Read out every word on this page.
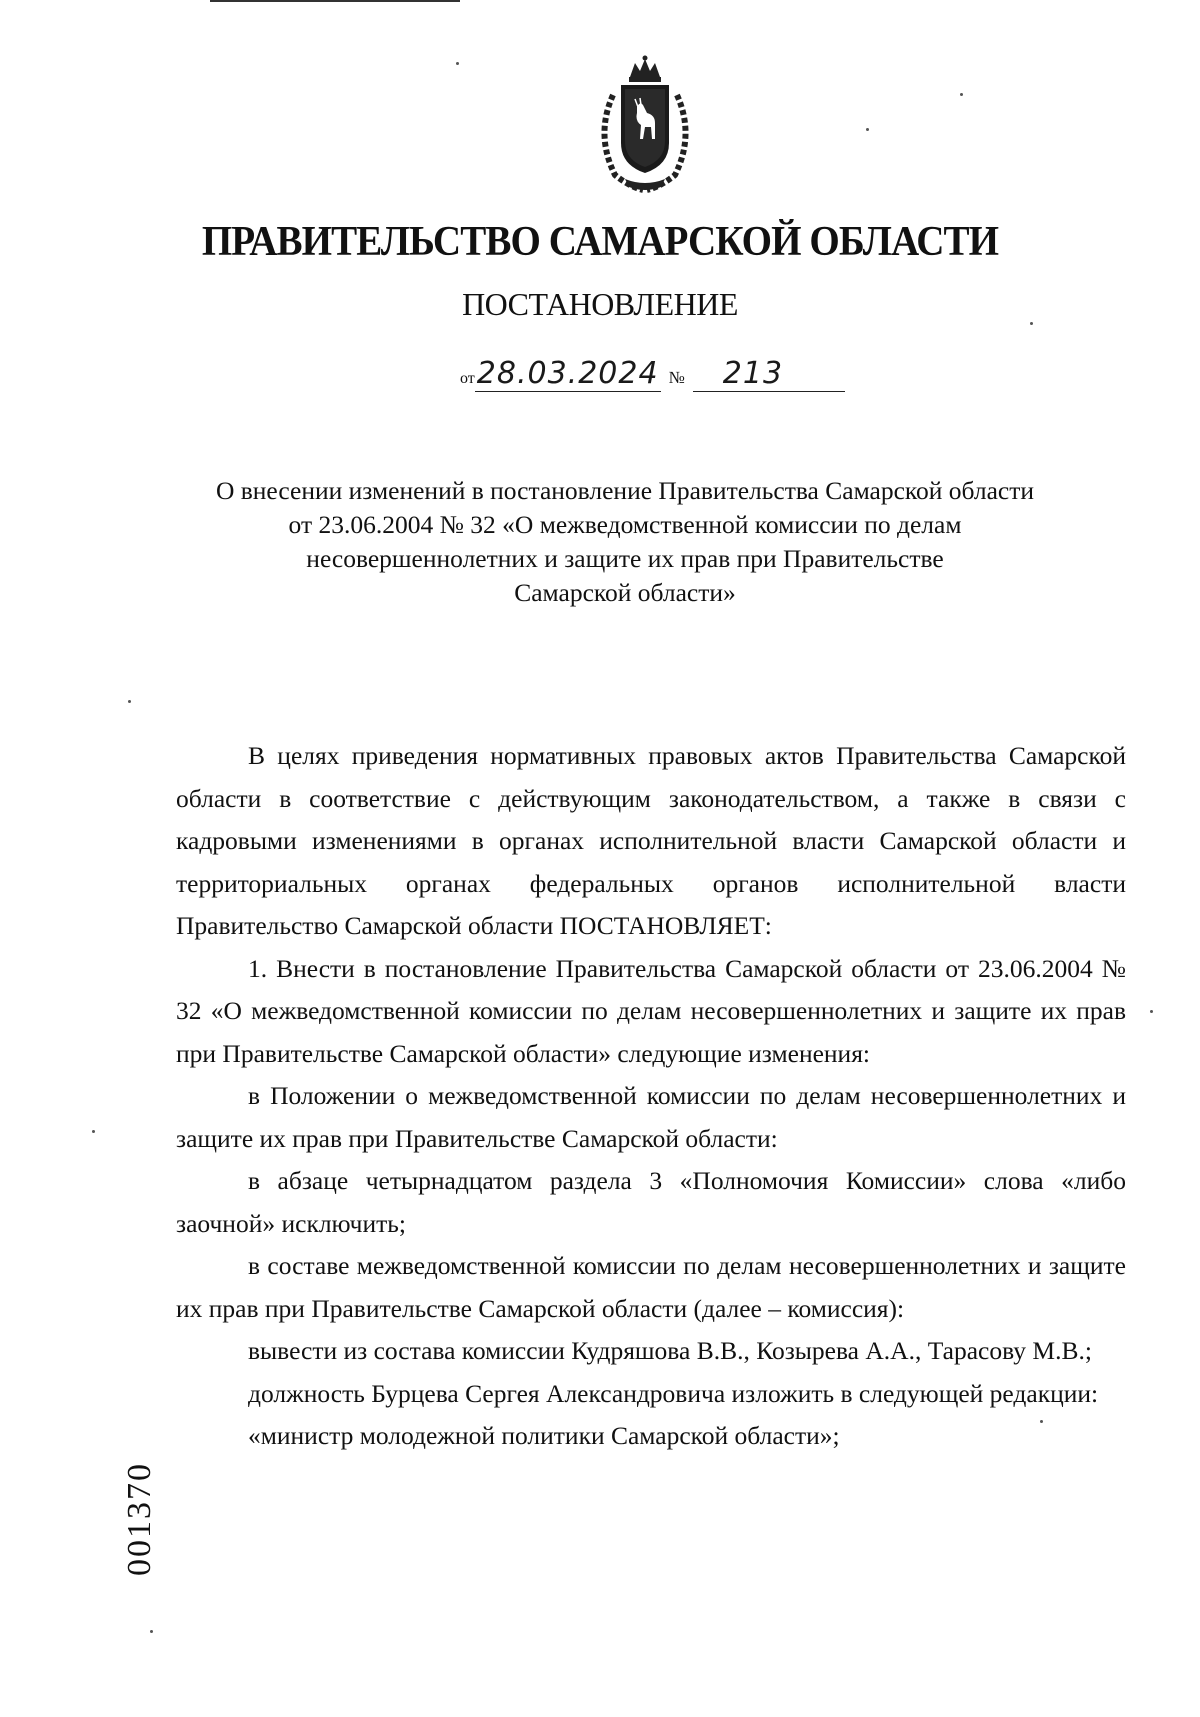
ПРАВИТЕЛЬСТВО САМАРСКОЙ ОБЛАСТИ
ПОСТАНОВЛЕНИЕ
от28.03.2024 № 213
О внесении изменений в постановление Правительства Самарской области
от 23.06.2004 № 32 «О межведомственной комиссии по делам
несовершеннолетних и защите их прав при Правительстве
Самарской области»

В целях приведения нормативных правовых актов Правительства Самарской области в соответствие с действующим законодательством, а также в связи с кадровыми изменениями в органах исполнительной власти Самарской области и территориальных органах федеральных органов исполнительной власти Правительство Самарской области ПОСТАНОВЛЯЕТ:

1. Внести в постановление Правительства Самарской области от 23.06.2004 № 32 «О межведомственной комиссии по делам несовершеннолетних и защите их прав при Правительстве Самарской области» следующие изменения:

в Положении о межведомственной комиссии по делам несовершеннолетних и защите их прав при Правительстве Самарской области:

в абзаце четырнадцатом раздела 3 «Полномочия Комиссии» слова «либо заочной» исключить;

в составе межведомственной комиссии по делам несовершеннолетних и защите их прав при Правительстве Самарской области (далее – комиссия):

вывести из состава комиссии Кудряшова В.В., Козырева А.А., Тарасову М.В.;

должность Бурцева Сергея Александровича изложить в следующей редакции:

«министр молодежной политики Самарской области»;

001370
